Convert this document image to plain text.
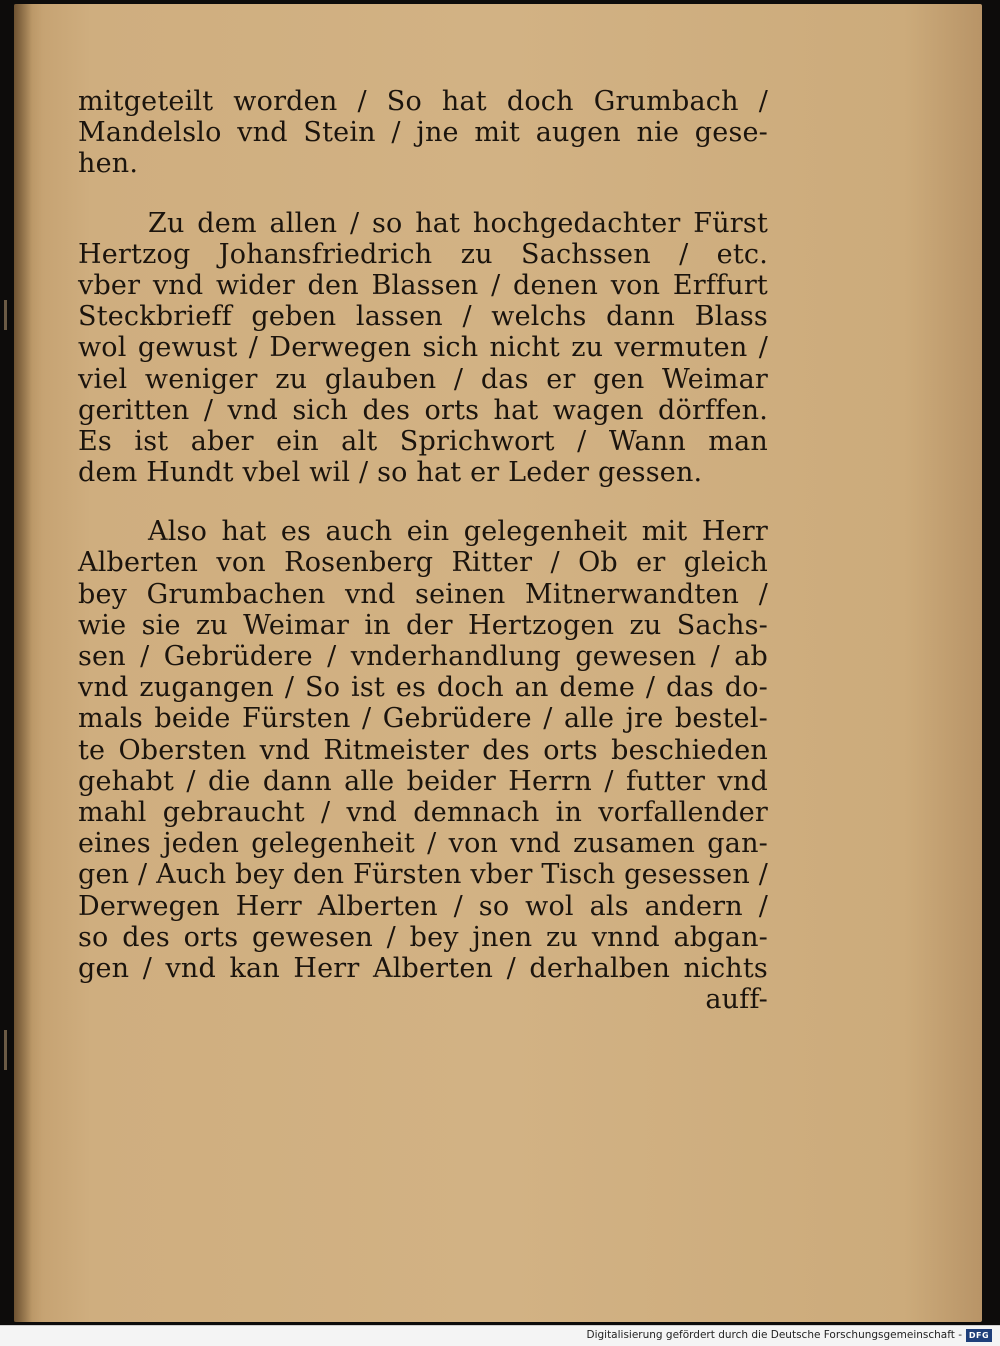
mitgeteilt worden / So hat doch Grumbach /
Mandelslo vnd Stein / jne mit augen nie gese-
hen.
Zu dem allen / so hat hochgedachter Fürst
Hertzog Johansfriedrich zu Sachssen / etc.
vber vnd wider den Blassen / denen von Erffurt
Steckbrieff geben lassen / welchs dann Blass
wol gewust / Derwegen sich nicht zu vermuten /
viel weniger zu glauben / das er gen Weimar
geritten / vnd sich des orts hat wagen dörffen.
Es ist aber ein alt Sprichwort / Wann man
dem Hundt vbel wil / so hat er Leder gessen.
Also hat es auch ein gelegenheit mit Herr
Alberten von Rosenberg Ritter / Ob er gleich
bey Grumbachen vnd seinen Mitnerwandten /
wie sie zu Weimar in der Hertzogen zu Sachs-
sen / Gebrüdere / vnderhandlung gewesen / ab
vnd zugangen / So ist es doch an deme / das do-
mals beide Fürsten / Gebrüdere / alle jre bestel-
te Obersten vnd Ritmeister des orts beschieden
gehabt / die dann alle beider Herrn / futter vnd
mahl gebraucht / vnd demnach in vorfallender
eines jeden gelegenheit / von vnd zusamen gan-
gen / Auch bey den Fürsten vber Tisch gesessen /
Derwegen Herr Alberten / so wol als andern /
so des orts gewesen / bey jnen zu vnnd abgan-
gen / vnd kan Herr Alberten / derhalben nichts
auff-
Digitalisierung gefördert durch die Deutsche Forschungsgemeinschaft - DFG
